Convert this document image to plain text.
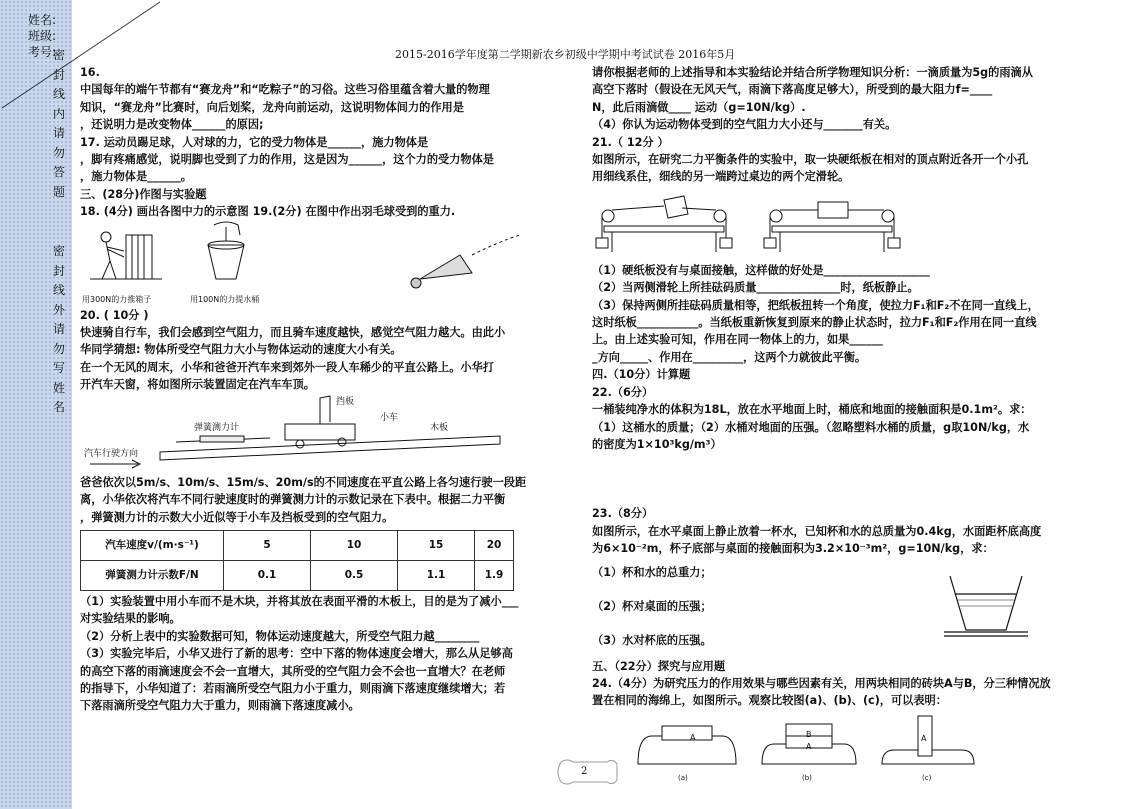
姓名:
班级:
考号:
密
封
线
内
请
勿
答
题
密
封
线
外
请
勿
写
姓
名
2015-2016学年度第二学期新农乡初级中学期中考试试卷 2016年5月

16.

中国每年的端午节都有“赛龙舟”和“吃粽子”的习俗。这些习俗里蕴含着大量的物理

知识，“赛龙舟”比赛时，向后划桨，龙舟向前运动，这说明物体间力的作用是

，还说明力是改变物体______的原因;

17. 运动员踢足球，人对球的力，它的受力物体是______，施力物体是

，脚有疼痛感觉，说明脚也受到了力的作用，这是因为______，这个力的受力物体是

，施力物体是______。

三、(28分)作图与实验题

18. (4分) 画出各图中力的示意图 19.(2分) 在图中作出羽毛球受到的重力.

用300N的力推箱子	用100N的力提水桶

20. ( 10分 )

快速骑自行车，我们会感到空气阻力，而且骑车速度越快，感觉空气阻力越大。由此小

华同学猜想: 物体所受空气阻力大小与物体运动的速度大小有关。

在一个无风的周末，小华和爸爸开汽车来到郊外一段人车稀少的平直公路上。小华打

开汽车天窗，将如图所示装置固定在汽车车顶。

挡板
弹簧测力计
小车
木板
汽车行驶方向

爸爸依次以5m/s、10m/s、15m/s、20m/s的不同速度在平直公路上各匀速行驶一段距

离，小华依次将汽车不同行驶速度时的弹簧测力计的示数记录在下表中。根据二力平衡

，弹簧测力计的示数大小近似等于小车及挡板受到的空气阻力。

汽车速度v/(m·s⁻¹)	5	10	15	20
弹簧测力计示数F/N	0.1	0.5	1.1	1.9

（1）实验装置中用小车而不是木块，并将其放在表面平滑的木板上，目的是为了减小___

对实验结果的影响。

（2）分析上表中的实验数据可知，物体运动速度越大，所受空气阻力越________

（3）实验完毕后，小华又进行了新的思考：空中下落的物体速度会增大，那么从足够高

的高空下落的雨滴速度会不会一直增大，其所受的空气阻力会不会也一直增大？在老师

的指导下，小华知道了：若雨滴所受空气阻力小于重力，则雨滴下落速度继续增大；若

下落雨滴所受空气阻力大于重力，则雨滴下落速度减小。

请你根据老师的上述指导和本实验结论并结合所学物理知识分析：一滴质量为5g的雨滴从

高空下落时（假设在无风天气，雨滴下落高度足够大），所受到的最大阻力f=____

N，此后雨滴做____ 运动（g=10N/kg）.

（4）你认为运动物体受到的空气阻力大小还与_______有关。

21.（ 12分 ）

如图所示，在研究二力平衡条件的实验中，取一块硬纸板在相对的顶点附近各开一个小孔

用细线系住，细线的另一端跨过桌边的两个定滑轮。

（1）硬纸板没有与桌面接触，这样做的好处是___________________

（2）当两侧滑轮上所挂砝码质量_______________时，纸板静止。

（3）保持两侧所挂砝码质量相等，把纸板扭转一个角度，使拉力F₁和F₂不在同一直线上，

这时纸板___________。当纸板重新恢复到原来的静止状态时，拉力F₁和F₂作用在同一直线

上。由上述实验可知，作用在同一物体上的力，如果______

_方向_____、作用在_________，这两个力就彼此平衡。

四.（10分）计算题

22.（6分）

一桶装纯净水的体积为18L，放在水平地面上时，桶底和地面的接触面积是0.1m²。求：

（1）这桶水的质量；（2）水桶对地面的压强。（忽略塑料水桶的质量，g取10N/kg，水

的密度为1×10³kg/m³）

23.（8分）

如图所示，在水平桌面上静止放着一杯水，已知杯和水的总质量为0.4kg，水面距杯底高度

为6×10⁻²m，杯子底部与桌面的接触面积为3.2×10⁻³m²，g=10N/kg，求：

（1）杯和水的总重力；

（2）杯对桌面的压强；

（3）水对杯底的压强。

五、（22分）探究与应用题

24.（4分）为研究压力的作用效果与哪些因素有关，用两块相同的砖块A与B，分三种情况放

置在相同的海绵上，如图所示。观察比较图(a)、(b)、(c)，可以表明：

A	B
A
A
(a)	(b)	(c)
2
